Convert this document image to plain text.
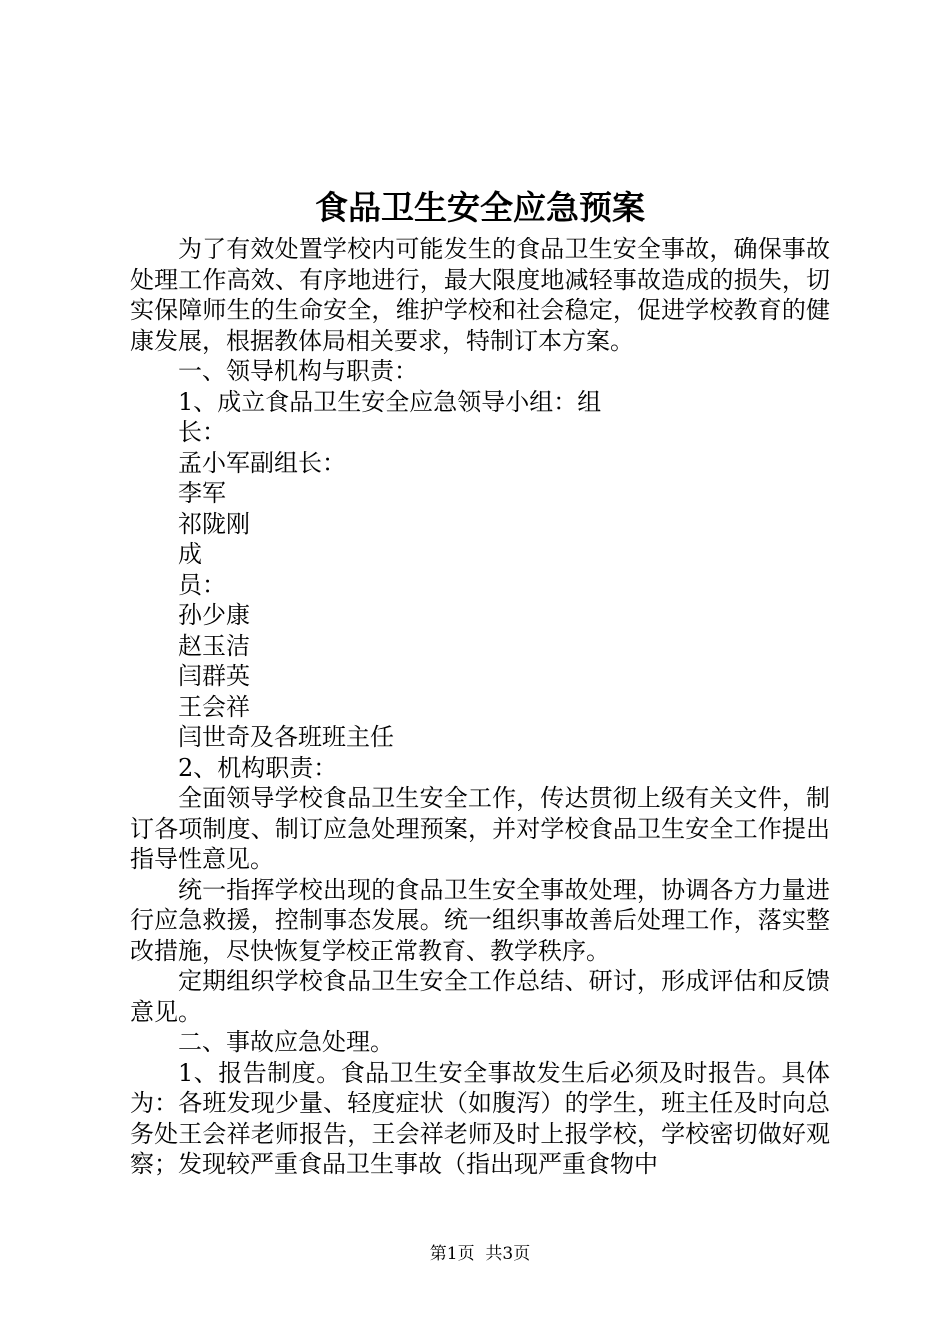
食品卫生安全应急预案

为了有效处置学校内可能发生的食品卫生安全事故，确保事故处理工作高效、有序地进行，最大限度地减轻事故造成的损失，切实保障师生的生命安全，维护学校和社会稳定，促进学校教育的健康发展，根据教体局相关要求，特制订本方案。

一、领导机构与职责：

1、成立食品卫生安全应急领导小组：组

长：

孟小军副组长：

李军

祁陇刚

成

员：

孙少康

赵玉洁

闫群英

王会祥

闫世奇及各班班主任

2、机构职责：

全面领导学校食品卫生安全工作，传达贯彻上级有关文件，制订各项制度、制订应急处理预案，并对学校食品卫生安全工作提出指导性意见。

统一指挥学校出现的食品卫生安全事故处理，协调各方力量进行应急救援，控制事态发展。统一组织事故善后处理工作，落实整改措施，尽快恢复学校正常教育、教学秩序。

定期组织学校食品卫生安全工作总结、研讨，形成评估和反馈意见。

二、事故应急处理。

1、报告制度。食品卫生安全事故发生后必须及时报告。具体为：各班发现少量、轻度症状（如腹泻）的学生，班主任及时向总务处王会祥老师报告，王会祥老师及时上报学校，学校密切做好观察；发现较严重食品卫生事故（指出现严重食物中

第1页  共3页
